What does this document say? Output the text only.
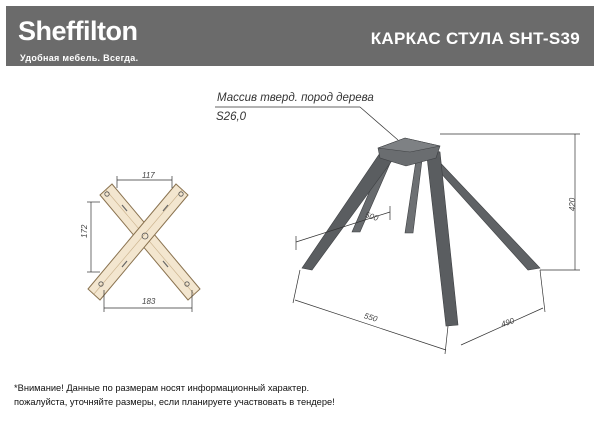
Sheffilton
Удобная мебель. Всегда.
КАРКАС СТУЛА SHT-S39
Массив тверд. пород дерева
S26,0
117
172
183
500
420
550	490
*Внимание! Данные по размерам носят информационный характер.
пожалуйста, уточняйте размеры, если планируете участвовать в тендере!
